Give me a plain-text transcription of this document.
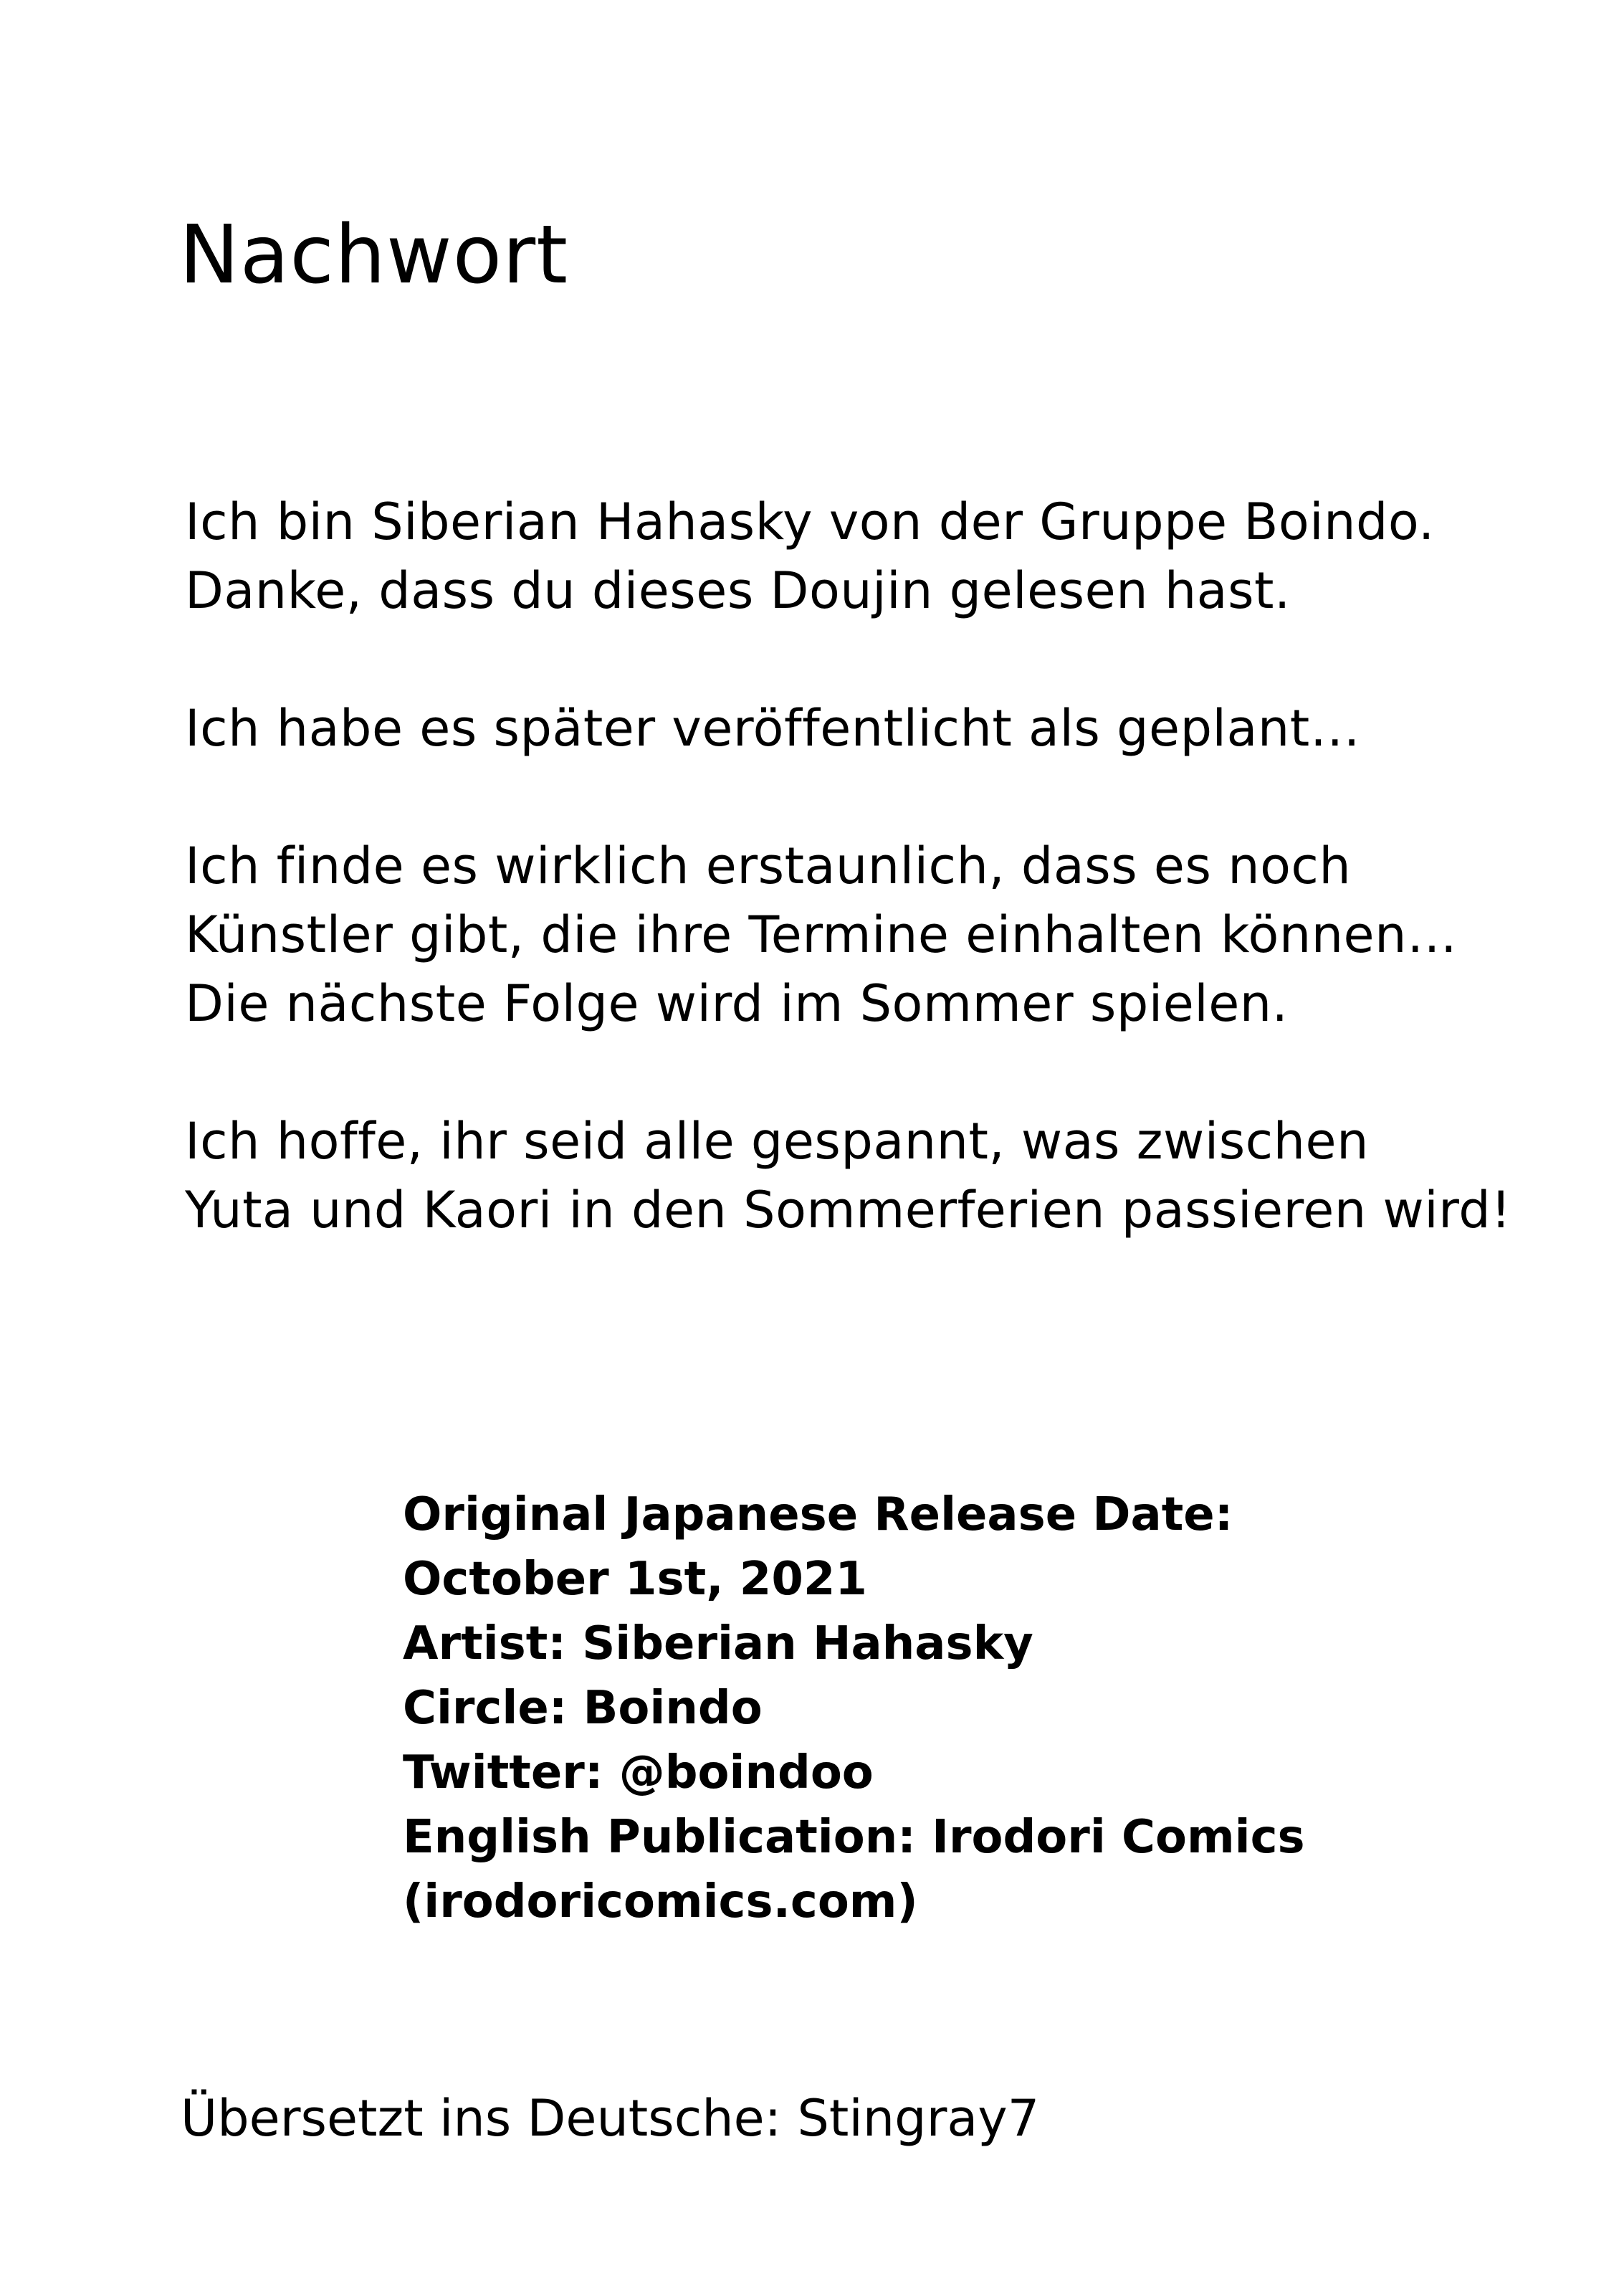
Nachwort

Ich bin Siberian Hahasky von der Gruppe Boindo.
Danke, dass du dieses Doujin gelesen hast.

Ich habe es später veröffentlicht als geplant…

Ich finde es wirklich erstaunlich, dass es noch
Künstler gibt, die ihre Termine einhalten können…
Die nächste Folge wird im Sommer spielen.

Ich hoffe, ihr seid alle gespannt, was zwischen
Yuta und Kaori in den Sommerferien passieren wird!

Original Japanese Release Date:
October 1st, 2021
Artist: Siberian Hahasky
Circle: Boindo
Twitter: @boindoo
English Publication: Irodori Comics
(irodoricomics.com)
Übersetzt ins Deutsche: Stingray7
